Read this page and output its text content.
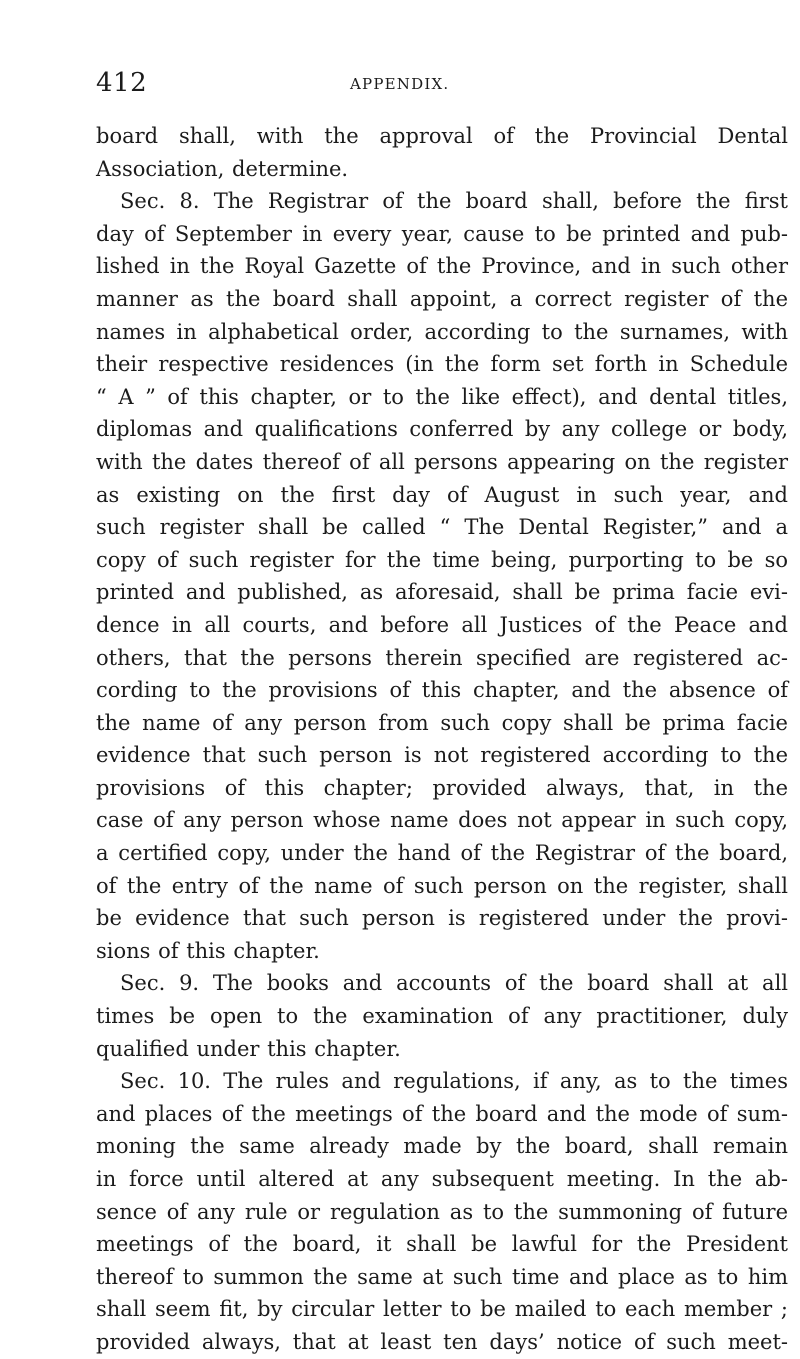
412	APPENDIX.
board shall, with the approval of the Provincial Dental
Association, determine.
Sec. 8. The Registrar of the board shall, before the first
day of September in every year, cause to be printed and pub-
lished in the Royal Gazette of the Province, and in such other
manner as the board shall appoint, a correct register of the
names in alphabetical order, according to the surnames, with
their respective residences (in the form set forth in Schedule
“ A ” of this chapter, or to the like effect), and dental titles,
diplomas and qualifications conferred by any college or body,
with the dates thereof of all persons appearing on the register
as existing on the first day of August in such year, and
such register shall be called “ The Dental Register,” and a
copy of such register for the time being, purporting to be so
printed and published, as aforesaid, shall be prima facie evi-
dence in all courts, and before all Justices of the Peace and
others, that the persons therein specified are registered ac-
cording to the provisions of this chapter, and the absence of
the name of any person from such copy shall be prima facie
evidence that such person is not registered according to the
provisions of this chapter; provided always, that, in the
case of any person whose name does not appear in such copy,
a certified copy, under the hand of the Registrar of the board,
of the entry of the name of such person on the register, shall
be evidence that such person is registered under the provi-
sions of this chapter.
Sec. 9. The books and accounts of the board shall at all
times be open to the examination of any practitioner, duly
qualified under this chapter.
Sec. 10. The rules and regulations, if any, as to the times
and places of the meetings of the board and the mode of sum-
moning the same already made by the board, shall remain
in force until altered at any subsequent meeting. In the ab-
sence of any rule or regulation as to the summoning of future
meetings of the board, it shall be lawful for the President
thereof to summon the same at such time and place as to him
shall seem fit, by circular letter to be mailed to each member ;
provided always, that at least ten days’ notice of such meet-
